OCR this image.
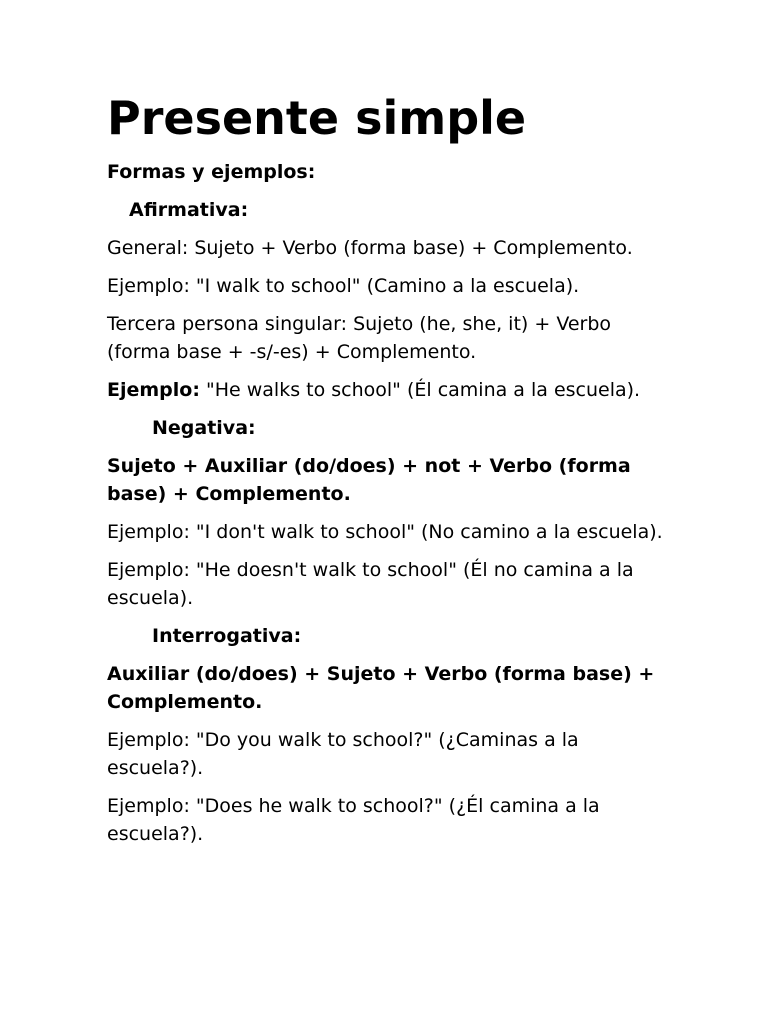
Presente simple

Formas y ejemplos:

Afirmativa:

General: Sujeto + Verbo (forma base) + Complemento.

Ejemplo: "I walk to school" (Camino a la escuela).

Tercera persona singular: Sujeto (he, she, it) + Verbo (forma base + -s/-es) + Complemento.

Ejemplo: "He walks to school" (Él camina a la escuela).

Negativa:

Sujeto + Auxiliar (do/does) + not + Verbo (forma base) + Complemento.

Ejemplo: "I don't walk to school" (No camino a la escuela).

Ejemplo: "He doesn't walk to school" (Él no camina a la escuela).

Interrogativa:

Auxiliar (do/does) + Sujeto + Verbo (forma base) + Complemento.

Ejemplo: "Do you walk to school?" (¿Caminas a la escuela?).

Ejemplo: "Does he walk to school?" (¿Él camina a la escuela?).
